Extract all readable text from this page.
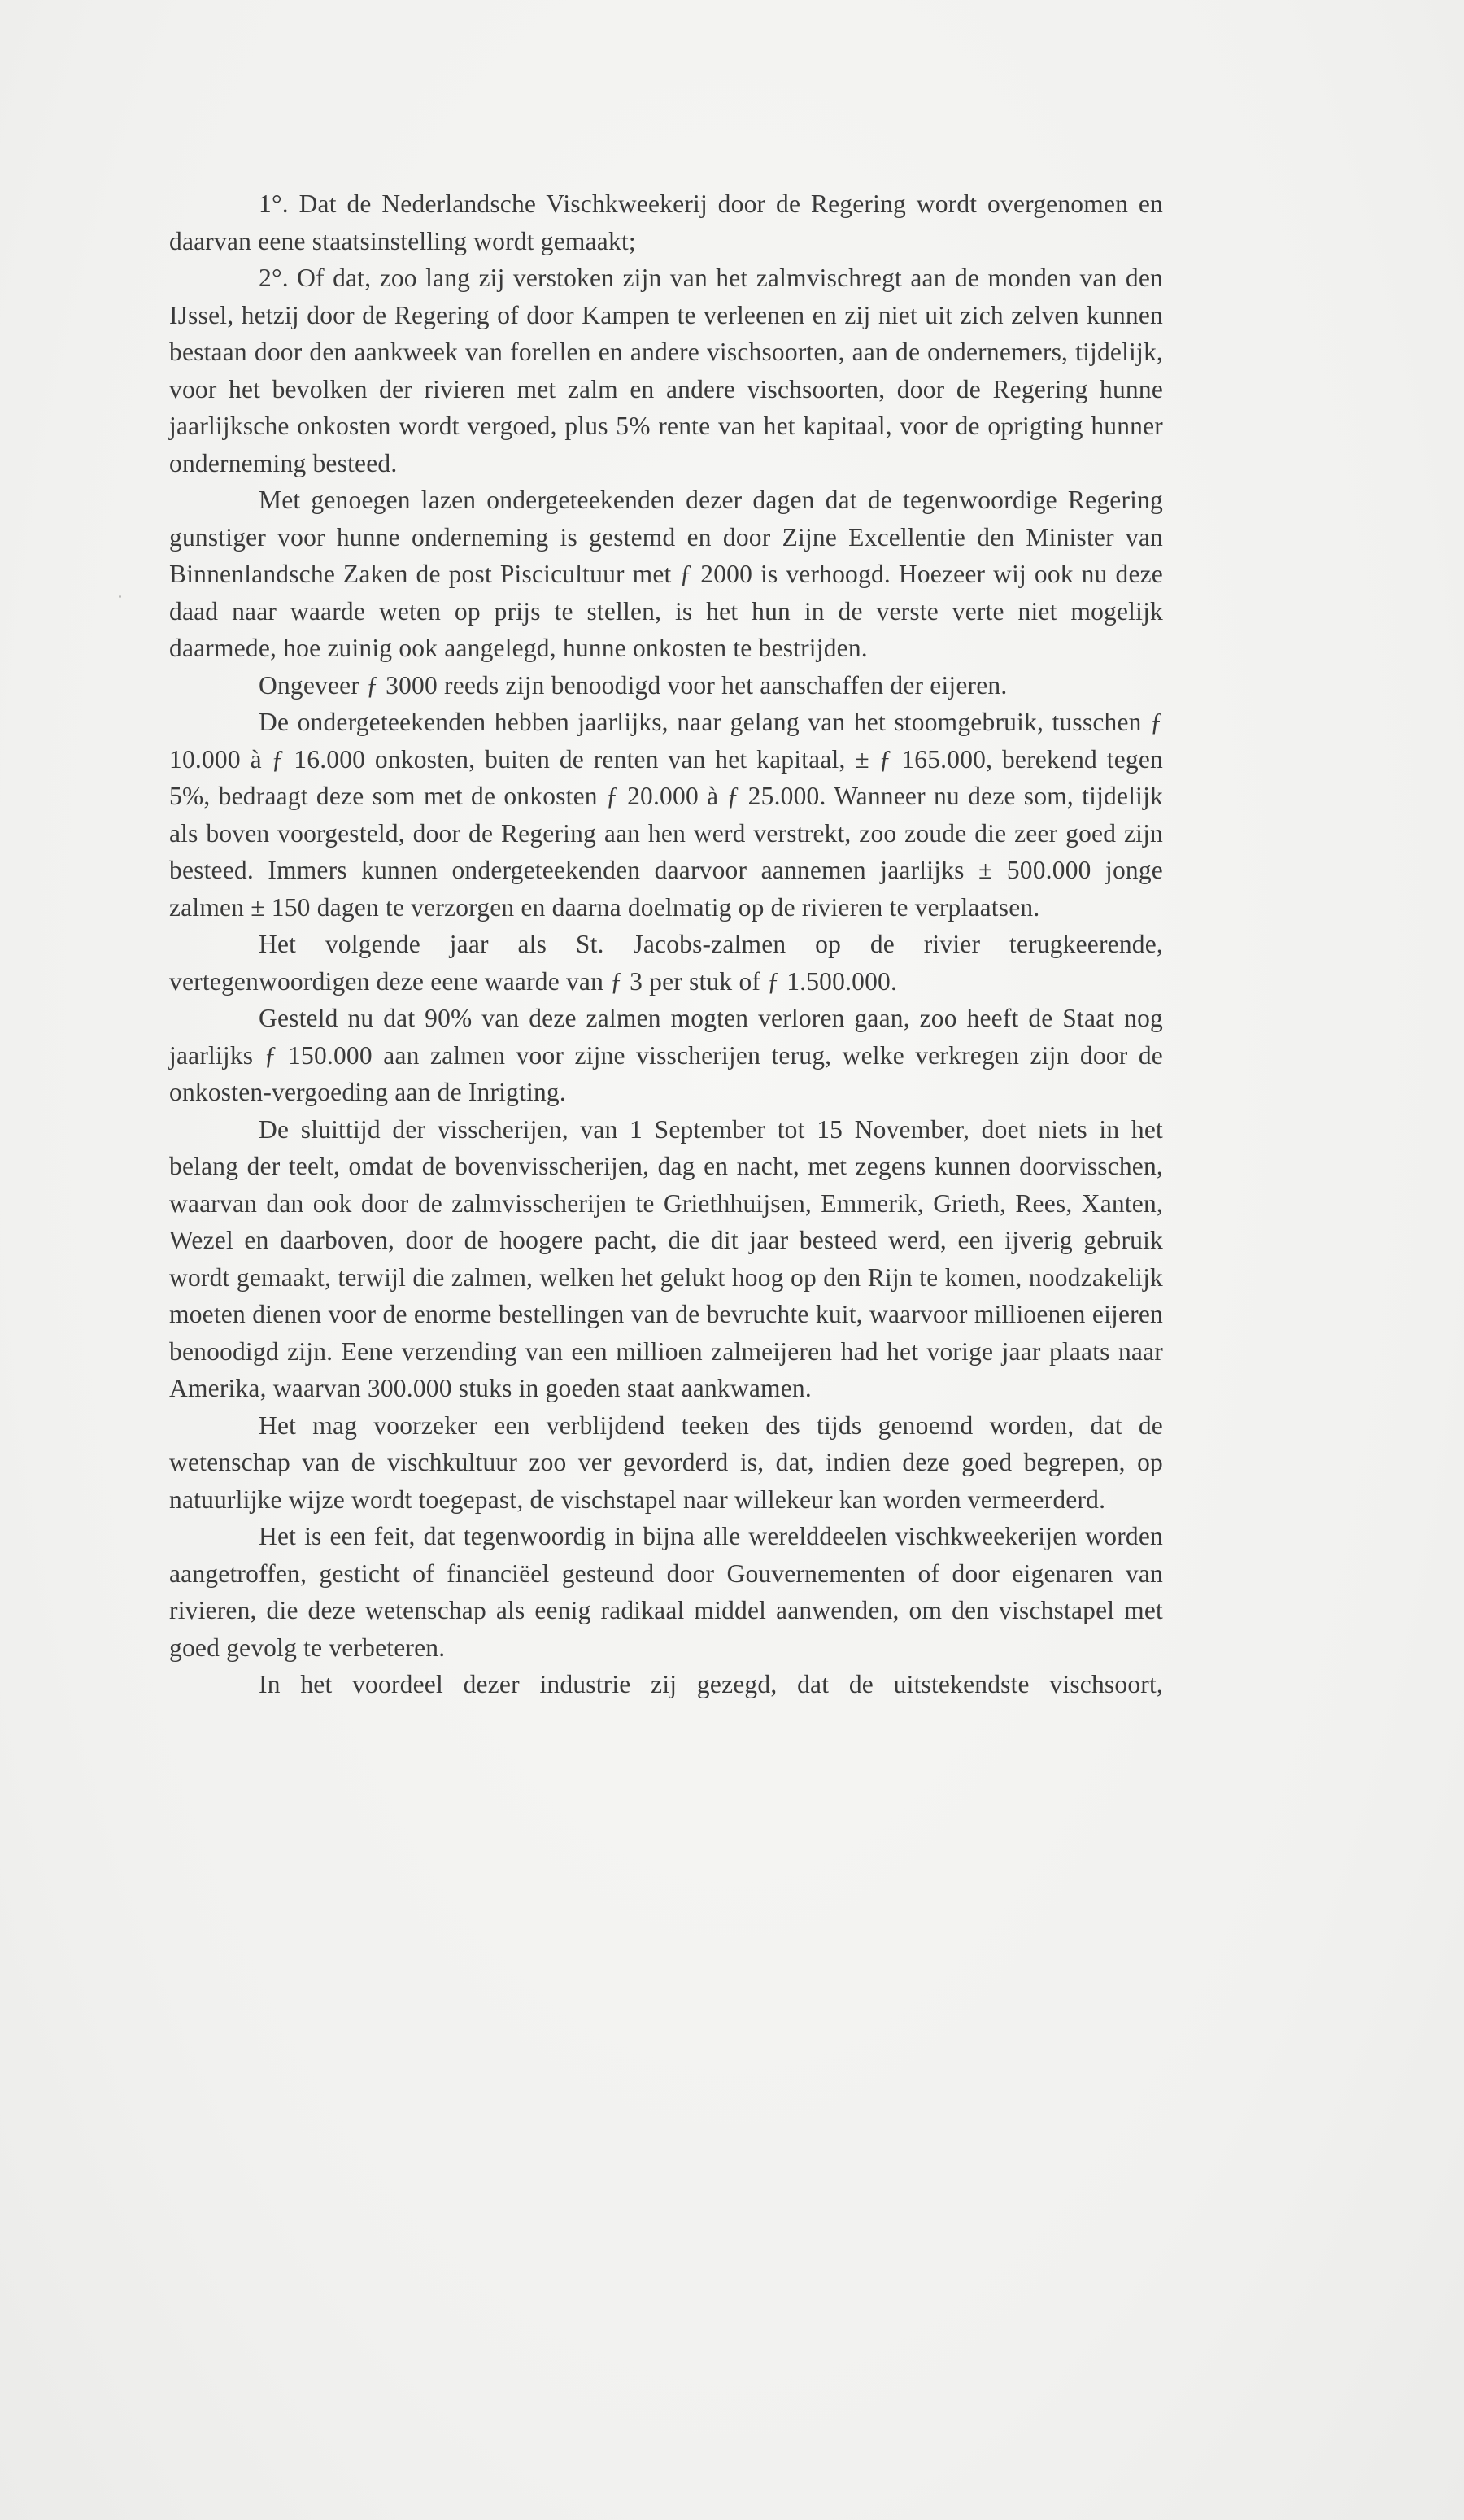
1°. Dat de Nederlandsche Vischkweekerij door de Regering wordt overgenomen en daarvan eene staatsinstelling wordt gemaakt;

2°. Of dat, zoo lang zij verstoken zijn van het zalmvischregt aan de monden van den IJssel, hetzij door de Regering of door Kampen te verleenen en zij niet uit zich zelven kunnen bestaan door den aankweek van forellen en andere vischsoorten, aan de ondernemers, tijdelijk, voor het bevolken der rivieren met zalm en andere vischsoorten, door de Regering hunne jaarlijksche onkosten wordt vergoed, plus 5% rente van het kapitaal, voor de oprigting hunner onderneming besteed.

Met genoegen lazen ondergeteekenden dezer dagen dat de tegenwoordige Regering gunstiger voor hunne onderneming is gestemd en door Zijne Excellentie den Minister van Binnenlandsche Zaken de post Piscicultuur met ƒ 2000 is verhoogd. Hoezeer wij ook nu deze daad naar waarde weten op prijs te stellen, is het hun in de verste verte niet mogelijk daarmede, hoe zuinig ook aangelegd, hunne onkosten te bestrijden.

Ongeveer ƒ 3000 reeds zijn benoodigd voor het aanschaffen der eijeren.

De ondergeteekenden hebben jaarlijks, naar gelang van het stoomgebruik, tusschen ƒ 10.000 à ƒ 16.000 onkosten, buiten de renten van het kapitaal, ± ƒ 165.000, berekend tegen 5%, bedraagt deze som met de onkosten ƒ 20.000 à ƒ 25.000. Wanneer nu deze som, tijdelijk als boven voorgesteld, door de Regering aan hen werd verstrekt, zoo zoude die zeer goed zijn besteed. Immers kunnen ondergeteekenden daarvoor aannemen jaarlijks ± 500.000 jonge zalmen ± 150 dagen te verzorgen en daarna doelmatig op de rivieren te verplaatsen.

Het volgende jaar als St. Jacobs-zalmen op de rivier terugkeerende, vertegenwoordigen deze eene waarde van ƒ 3 per stuk of ƒ 1.500.000.

Gesteld nu dat 90% van deze zalmen mogten verloren gaan, zoo heeft de Staat nog jaarlijks ƒ 150.000 aan zalmen voor zijne visscherijen terug, welke verkregen zijn door de onkosten-vergoeding aan de Inrigting.

De sluittijd der visscherijen, van 1 September tot 15 November, doet niets in het belang der teelt, omdat de bovenvisscherijen, dag en nacht, met zegens kunnen doorvisschen, waarvan dan ook door de zalmvisscherijen te Griethhuijsen, Emmerik, Grieth, Rees, Xanten, Wezel en daarboven, door de hoogere pacht, die dit jaar besteed werd, een ijverig gebruik wordt gemaakt, terwijl die zalmen, welken het gelukt hoog op den Rijn te komen, noodzakelijk moeten dienen voor de enorme bestellingen van de bevruchte kuit, waarvoor millioenen eijeren benoodigd zijn. Eene verzending van een millioen zalmeijeren had het vorige jaar plaats naar Amerika, waarvan 300.000 stuks in goeden staat aankwamen.

Het mag voorzeker een verblijdend teeken des tijds genoemd worden, dat de wetenschap van de vischkultuur zoo ver gevorderd is, dat, indien deze goed begrepen, op natuurlijke wijze wordt toegepast, de vischstapel naar willekeur kan worden vermeerderd.

Het is een feit, dat tegenwoordig in bijna alle werelddeelen vischkweekerijen worden aangetroffen, gesticht of financiëel gesteund door Gouvernementen of door eigenaren van rivieren, die deze wetenschap als eenig radikaal middel aanwenden, om den vischstapel met goed gevolg te verbeteren.

In het voordeel dezer industrie zij gezegd, dat de uitstekendste vischsoort,
